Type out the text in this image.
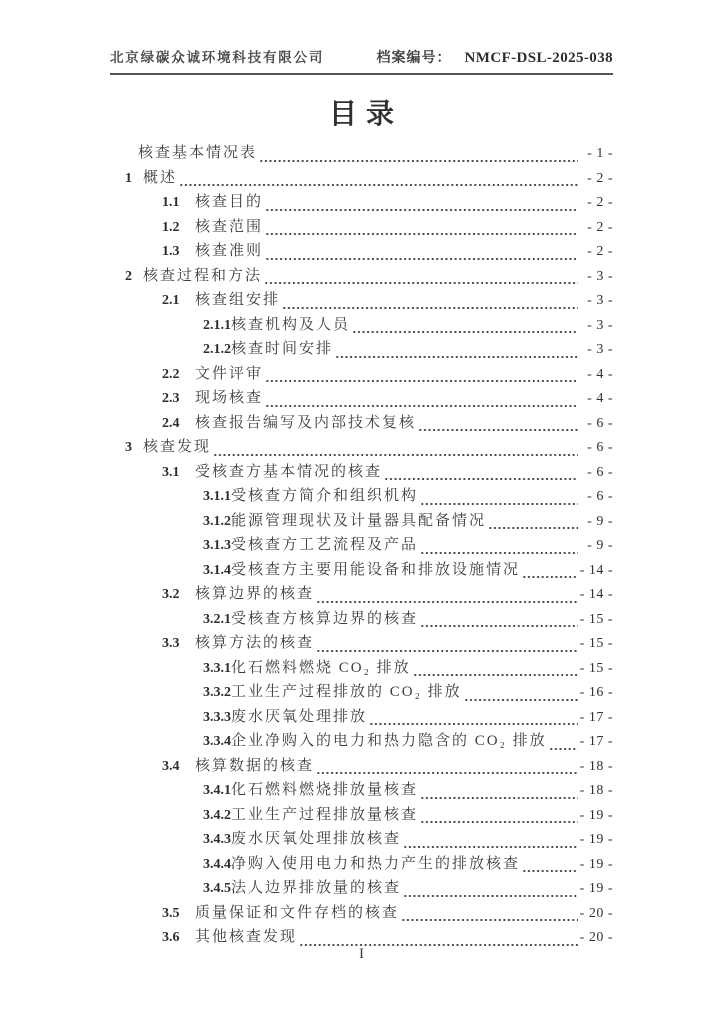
北京绿碳众诚环境科技有限公司	档案编号： NMCF-DSL-2025-038
目录
核查基本情况表	- 1 -
1 概述	- 2 -
1.1	核查目的	- 2 -
1.2	核查范围	- 2 -
1.3	核查准则	- 2 -
2 核查过程和方法	- 3 -
2.1	核查组安排	- 3 -
2.1.1 核查机构及人员	- 3 -
2.1.2 核查时间安排	- 3 -
2.2	文件评审	- 4 -
2.3	现场核查	- 4 -
2.4	核查报告编写及内部技术复核	- 6 -
3 核查发现	- 6 -
3.1	受核查方基本情况的核查	- 6 -
3.1.1 受核查方简介和组织机构	- 6 -
3.1.2 能源管理现状及计量器具配备情况	- 9 -
3.1.3 受核查方工艺流程及产品	- 9 -
3.1.4 受核查方主要用能设备和排放设施情况	- 14 -
3.2	核算边界的核查	- 14 -
3.2.1 受核查方核算边界的核查	- 15 -
3.3	核算方法的核查	- 15 -
3.3.1 化石燃料燃烧 CO₂ 排放	- 15 -
3.3.2 工业生产过程排放的 CO₂ 排放	- 16 -
3.3.3 废水厌氧处理排放	- 17 -
3.3.4 企业净购入的电力和热力隐含的 CO₂ 排放 - 17 -
3.4	核算数据的核查	- 18 -
3.4.1 化石燃料燃烧排放量核查	- 18 -
3.4.2 工业生产过程排放量核查	- 19 -
3.4.3 废水厌氧处理排放核查	- 19 -
3.4.4 净购入使用电力和热力产生的排放核查	- 19 -
3.4.5 法人边界排放量的核查	- 19 -
3.5	质量保证和文件存档的核查	- 20 -
3.6	其他核查发现	- 20 -
I
